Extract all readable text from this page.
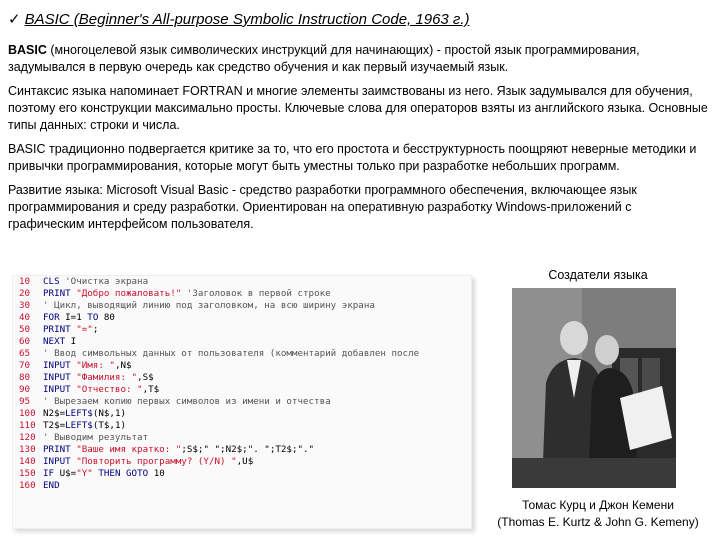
✓ BASIC (Beginner's All-purpose Symbolic Instruction Code, 1963 г.)

BASIC (многоцелевой язык символических инструкций для начинающих) - простой язык программирования, задумывался в первую очередь как средство обучения и как первый изучаемый язык.

Синтаксис языка напоминает FORTRAN и многие элементы заимствованы из него. Язык задумывался для обучения, поэтому его конструкции максимально просты. Ключевые слова для операторов взяты из английского языка. Основные типы данных: строки и числа.

BASIC традиционно подвергается критике за то, что его простота и бесструктурность поощряют неверные методики и привычки программирования, которые могут быть уместны только при разработке небольших программ.

Развитие языка: Microsoft Visual Basic - средство разработки программного обеспечения, включающее язык программирования и среду разработки. Ориентирован на оперативную разработку Windows-приложений с графическим интерфейсом пользователя.

10 CLS 'Очистка экрана
20 PRINT "Добро пожаловать!" 'Заголовок в первой строке
30 ' Цикл, выводящий линию под заголовком, на всю ширину экрана
40 FOR I=1 TO 80
50 PRINT "=";
60 NEXT I
65 ' Ввод символьных данных от пользователя (комментарий добавлен после
70 INPUT "Имя: ",N$
80 INPUT "Фамилия: ",S$
90 INPUT "Отчество: ",T$
95 ' Вырезаем копию первых символов из имени и отчества
100 N2$=LEFT$(N$,1)
110 T2$=LEFT$(T$,1)
120 ' Выводим результат
130 PRINT "Ваше имя кратко: ";S$;" ";N2$;". ";T2$;"."
140 INPUT "Повторить программу? (Y/N) ",U$
150 IF U$="Y" THEN GOTO 10
160 END
Создатели языка
Томас Курц и Джон Кемени
(Thomas E. Kurtz & John G. Kemeny)
